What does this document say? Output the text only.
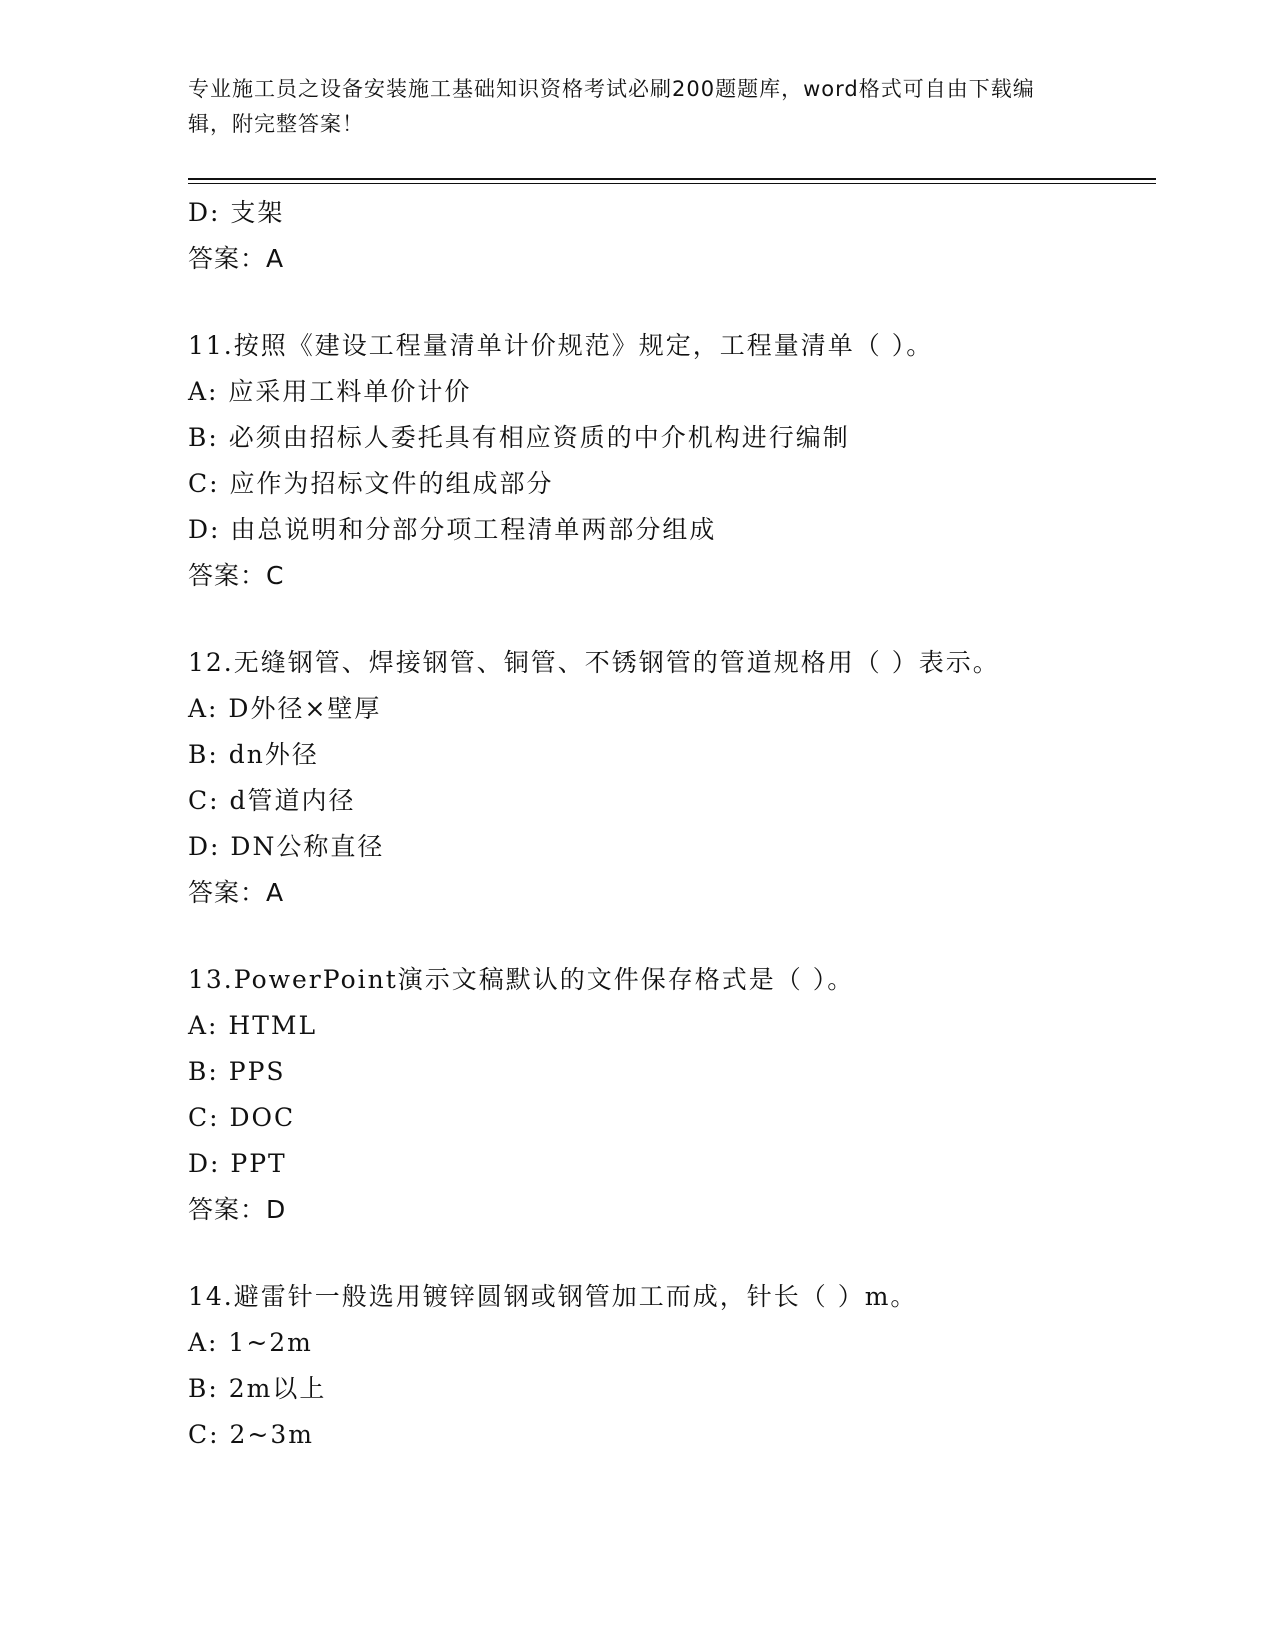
专业施工员之设备安装施工基础知识资格考试必刷200题题库，word格式可自由下载编辑，附完整答案！
D: 支架
答案：A
11.按照《建设工程量清单计价规范》规定，工程量清单（ ）。
A: 应采用工料单价计价
B: 必须由招标人委托具有相应资质的中介机构进行编制
C: 应作为招标文件的组成部分
D: 由总说明和分部分项工程清单两部分组成
答案：C
12.无缝钢管、焊接钢管、铜管、不锈钢管的管道规格用（ ）表示。
A: D外径×壁厚
B: dn外径
C: d管道内径
D: DN公称直径
答案：A
13.PowerPoint演示文稿默认的文件保存格式是（ ）。
A: HTML
B: PPS
C: DOC
D: PPT
答案：D
14.避雷针一般选用镀锌圆钢或钢管加工而成，针长（ ）m。
A: 1~2m
B: 2m以上
C: 2~3m
